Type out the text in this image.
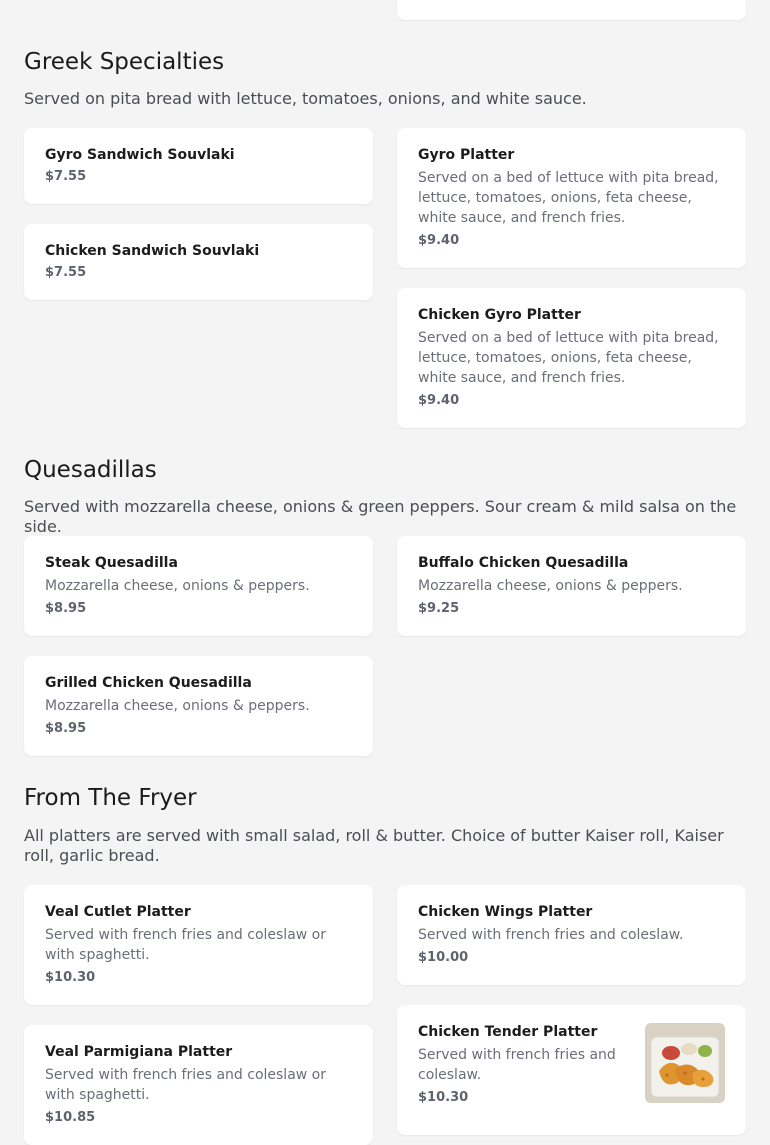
Greek Specialties
Served on pita bread with lettuce, tomatoes, onions, and white sauce.
Gyro Sandwich Souvlaki
$7.55
Gyro Platter
Served on a bed of lettuce with pita bread, lettuce, tomatoes, onions, feta cheese, white sauce, and french fries.
$9.40
Chicken Sandwich Souvlaki
$7.55
Chicken Gyro Platter
Served on a bed of lettuce with pita bread, lettuce, tomatoes, onions, feta cheese, white sauce, and french fries.
$9.40
Quesadillas
Served with mozzarella cheese, onions & green peppers. Sour cream & mild salsa on the side.
Steak Quesadilla
Mozzarella cheese, onions & peppers.
$8.95
Buffalo Chicken Quesadilla
Mozzarella cheese, onions & peppers.
$9.25
Grilled Chicken Quesadilla
Mozzarella cheese, onions & peppers.
$8.95
From The Fryer
All platters are served with small salad, roll & butter. Choice of butter Kaiser roll, Kaiser roll, garlic bread.
Veal Cutlet Platter
Served with french fries and coleslaw or with spaghetti.
$10.30
Chicken Wings Platter
Served with french fries and coleslaw.
$10.00
Veal Parmigiana Platter
Served with french fries and coleslaw or with spaghetti.
$10.85
Chicken Tender Platter
Served with french fries and coleslaw.
$10.30
